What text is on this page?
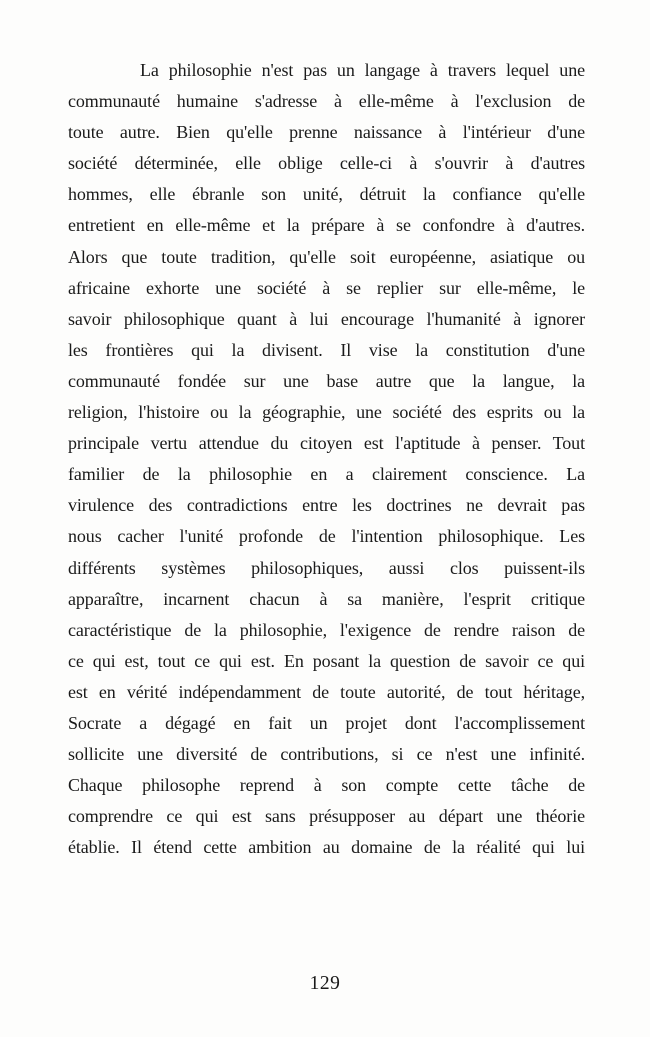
La philosophie n'est pas un langage à travers lequel une
communauté humaine s'adresse à elle-même à l'exclusion de
toute autre. Bien qu'elle prenne naissance à l'intérieur d'une
société déterminée, elle oblige celle-ci à s'ouvrir à d'autres
hommes, elle ébranle son unité, détruit la confiance qu'elle
entretient en elle-même et la prépare à se confondre à d'autres.
Alors que toute tradition, qu'elle soit européenne, asiatique ou
africaine exhorte une société à se replier sur elle-même, le
savoir philosophique quant à lui encourage l'humanité à ignorer
les frontières qui la divisent. Il vise la constitution d'une
communauté fondée sur une base autre que la langue, la
religion, l'histoire ou la géographie, une société des esprits ou la
principale vertu attendue du citoyen est l'aptitude à penser. Tout
familier de la philosophie en a clairement conscience. La
virulence des contradictions entre les doctrines ne devrait pas
nous cacher l'unité profonde de l'intention philosophique. Les
différents systèmes philosophiques, aussi clos puissent-ils
apparaître, incarnent chacun à sa manière, l'esprit critique
caractéristique de la philosophie, l'exigence de rendre raison de
ce qui est, tout ce qui est. En posant la question de savoir ce qui
est en vérité indépendamment de toute autorité, de tout héritage,
Socrate a dégagé en fait un projet dont l'accomplissement
sollicite une diversité de contributions, si ce n'est une infinité.
Chaque philosophe reprend à son compte cette tâche de
comprendre ce qui est sans présupposer au départ une théorie
établie. Il étend cette ambition au domaine de la réalité qui lui
129
